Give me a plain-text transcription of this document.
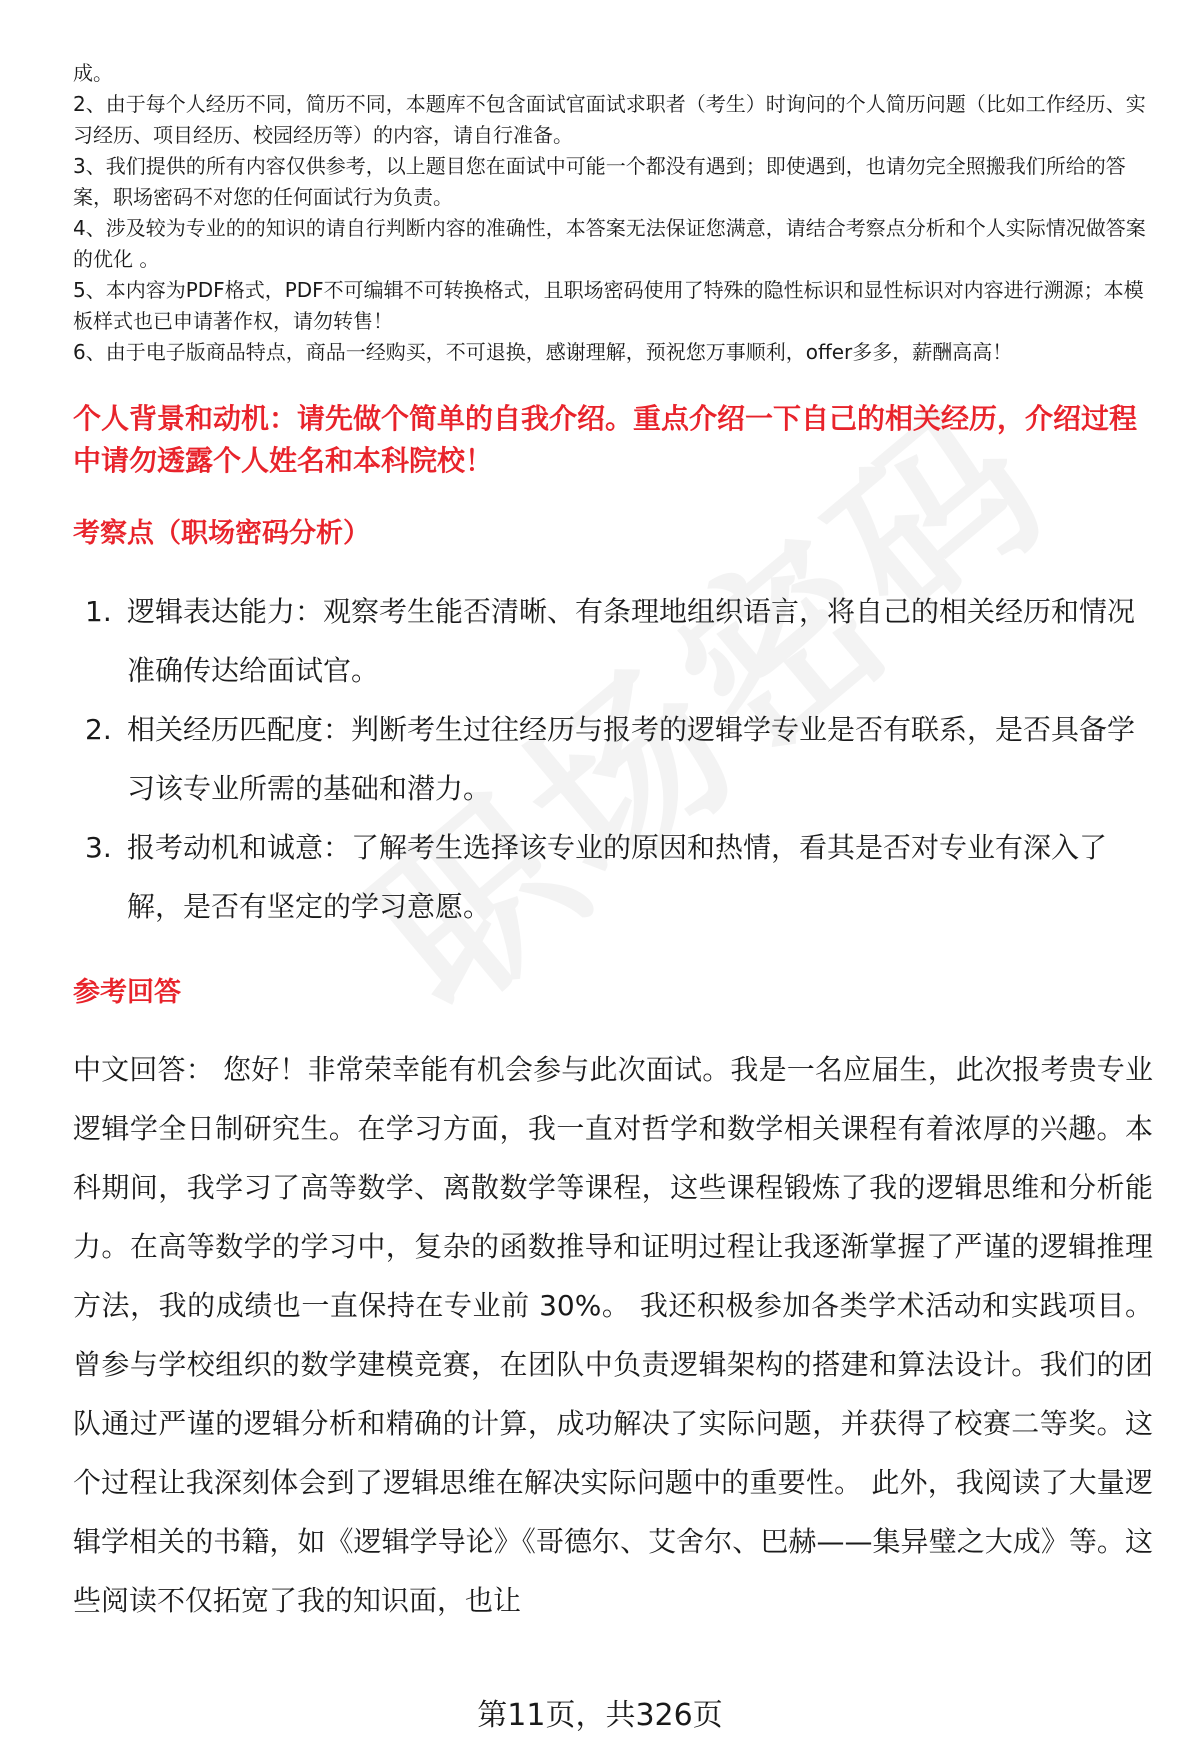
成。

2、由于每个人经历不同，简历不同，本题库不包含面试官面试求职者（考生）时询问的个人简历问题（比如工作经历、实习经历、项目经历、校园经历等）的内容，请自行准备。

3、我们提供的所有内容仅供参考，以上题目您在面试中可能一个都没有遇到；即使遇到，也请勿完全照搬我们所给的答案，职场密码不对您的任何面试行为负责。

4、涉及较为专业的的知识的请自行判断内容的准确性，本答案无法保证您满意，请结合考察点分析和个人实际情况做答案的优化 。

5、本内容为PDF格式，PDF不可编辑不可转换格式，且职场密码使用了特殊的隐性标识和显性标识对内容进行溯源；本模板样式也已申请著作权，请勿转售！

6、由于电子版商品特点，商品一经购买，不可退换，感谢理解，预祝您万事顺利，offer多多，薪酬高高！

个人背景和动机：请先做个简单的自我介绍。重点介绍一下自己的相关经历，介绍过程中请勿透露个人姓名和本科院校！
考察点（职场密码分析）
1. 逻辑表达能力：观察考生能否清晰、有条理地组织语言，将自己的相关经历和情况准确传达给面试官。
2. 相关经历匹配度：判断考生过往经历与报考的逻辑学专业是否有联系，是否具备学习该专业所需的基础和潜力。
3. 报考动机和诚意：了解考生选择该专业的原因和热情，看其是否对专业有深入了解，是否有坚定的学习意愿。
参考回答

中文回答： 您好！非常荣幸能有机会参与此次面试。我是一名应届生，此次报考贵专业逻辑学全日制研究生。在学习方面，我一直对哲学和数学相关课程有着浓厚的兴趣。本科期间，我学习了高等数学、离散数学等课程，这些课程锻炼了我的逻辑思维和分析能力。在高等数学的学习中，复杂的函数推导和证明过程让我逐渐掌握了严谨的逻辑推理方法，我的成绩也一直保持在专业前 30%。 我还积极参加各类学术活动和实践项目。曾参与学校组织的数学建模竞赛，在团队中负责逻辑架构的搭建和算法设计。我们的团队通过严谨的逻辑分析和精确的计算，成功解决了实际问题，并获得了校赛二等奖。这个过程让我深刻体会到了逻辑思维在解决实际问题中的重要性。 此外，我阅读了大量逻辑学相关的书籍，如《逻辑学导论》《哥德尔、艾舍尔、巴赫——集异璧之大成》等。这些阅读不仅拓宽了我的知识面，也让

第11页，共326页
